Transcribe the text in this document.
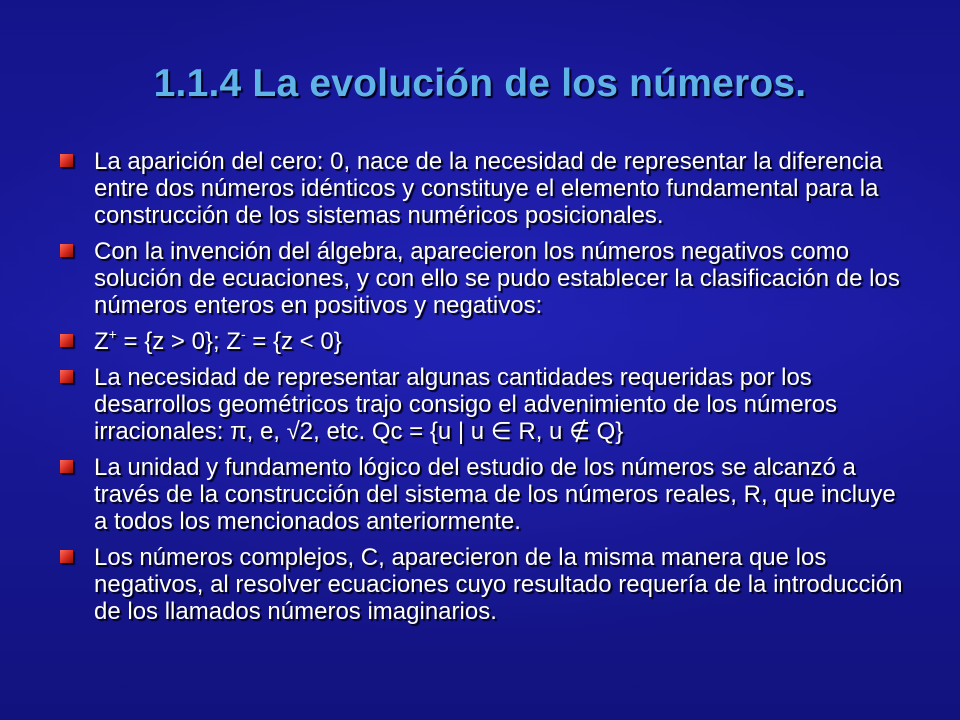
1.1.4 La evolución de los números.
La aparición del cero: 0, nace de la necesidad de representar la diferencia entre dos números idénticos y constituye el elemento fundamental para la construcción de los sistemas numéricos posicionales.
Con la invención del álgebra, aparecieron los números negativos como solución de ecuaciones, y con ello se pudo establecer la clasificación de los números enteros en positivos y negativos:
Z+ = {z > 0}; Z- = {z < 0}
La necesidad de representar algunas cantidades requeridas por los desarrollos geométricos trajo consigo el advenimiento de los números irracionales: π, e, √2, etc. Qc = {u | u ∈ R, u ∉ Q}
La unidad y fundamento lógico del estudio de los números se alcanzó a través de la construcción del sistema de los números reales, R, que incluye a todos los mencionados anteriormente.
Los números complejos, C, aparecieron de la misma manera que los negativos, al resolver ecuaciones cuyo resultado requería de la introducción de los llamados números imaginarios.
